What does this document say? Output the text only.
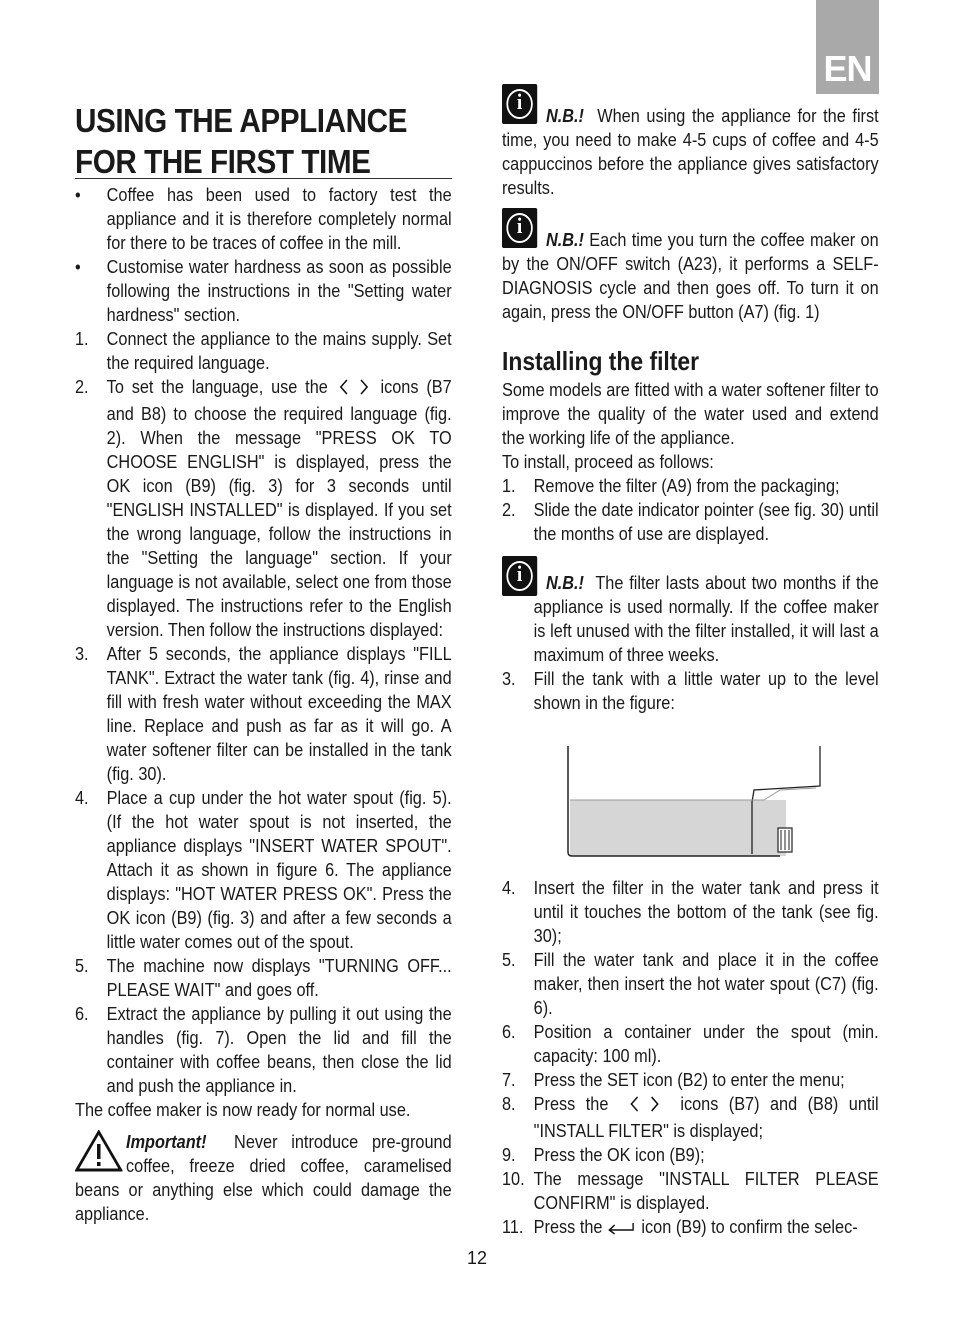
EN
USING THE APPLIANCE
FOR THE FIRST TIME
• Coffee has been used to factory test the appliance and it is therefore completely normal for there to be traces of coffee in the mill.
• Customise water hardness as soon as possible following the instructions in the "Setting water hardness" section.
1. Connect the appliance to the mains supply. Set the required language.
2. To set the language, use the	icons (B7 and B8) to choose the required language (fig. 2). When the message "PRESS OK TO CHOOSE ENGLISH" is displayed, press the OK icon (B9) (fig. 3) for 3 seconds until "ENGLISH INSTALLED" is displayed. If you set the wrong language, follow the instructions in the "Setting the language" section. If your language is not available, select one from those displayed. The instructions refer to the English version. Then follow the instructions displayed:
3. After 5 seconds, the appliance displays "FILL TANK". Extract the water tank (fig. 4), rinse and fill with fresh water without exceeding the MAX line. Replace and push as far as it will go. A water softener filter can be installed in the tank (fig. 30).
4. Place a cup under the hot water spout (fig. 5). (If the hot water spout is not inserted, the appliance displays "INSERT WATER SPOUT". Attach it as shown in figure 6. The appliance displays: "HOT WATER PRESS OK". Press the OK icon (B9) (fig. 3) and after a few seconds a little water comes out of the spout.
5. The machine now displays "TURNING OFF... PLEASE WAIT" and goes off.
6. Extract the appliance by pulling it out using the handles (fig. 7). Open the lid and fill the container with coffee beans, then close the lid and push the appliance in.
The coffee maker is now ready for normal use.
Important! Never introduce pre-ground coffee, freeze dried coffee, caramelised beans or anything else which could damage the appliance.
i
N.B.! When using the appliance for the first time, you need to make 4-5 cups of coffee and 4-5 cappuccinos before the appliance gives satisfactory results.
i
N.B.! Each time you turn the coffee maker on by the ON/OFF switch (A23), it performs a SELF-DIAGNOSIS cycle and then goes off. To turn it on again, press the ON/OFF button (A7) (fig. 1)
Installing the filter
Some models are fitted with a water softener filter to improve the quality of the water used and extend the working life of the appliance.
To install, proceed as follows:
1. Remove the filter (A9) from the packaging;
2. Slide the date indicator pointer (see fig. 30) until the months of use are displayed.
i	N.B.! The filter lasts about two months if the appliance is used normally. If the coffee maker is left unused with the filter installed, it will last a maximum of three weeks.
3. Fill the tank with a little water up to the level shown in the figure:
4. Insert the filter in the water tank and press it until it touches the bottom of the tank (see fig. 30);
5. Fill the water tank and place it in the coffee maker, then insert the hot water spout (C7) (fig. 6).
6. Position a container under the spout (min. capacity: 100 ml).
7. Press the SET icon (B2) to enter the menu;
8. Press the	icons (B7) and (B8) until "INSTALL FILTER" is displayed;
9. Press the OK icon (B9);
10. The message "INSTALL FILTER PLEASE CONFIRM" is displayed.
11. Press the icon (B9) to confirm the selec-
12
